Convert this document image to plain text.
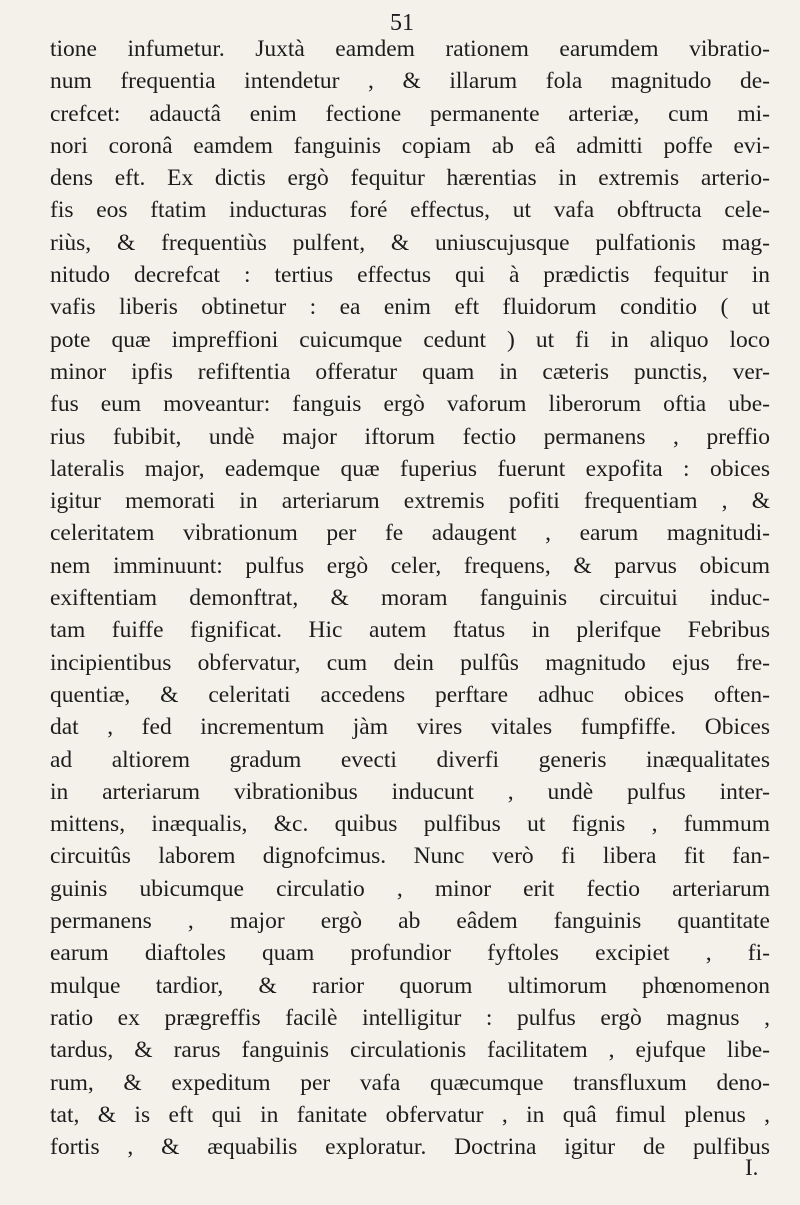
51
tione infumetur. Juxtà eamdem rationem earumdem vibratio-
num frequentia intendetur , & illarum fola magnitudo de-
crefcet: adauctâ enim fectione permanente arteriæ, cum mi-
nori coronâ eamdem fanguinis copiam ab eâ admitti poffe evi-
dens eft. Ex dictis ergò fequitur hærentias in extremis arterio-
fis eos ftatim inducturas foré effectus, ut vafa obftructa cele-
riùs, & frequentiùs pulfent, & uniuscujusque pulfationis mag-
nitudo decrefcat : tertius effectus qui à prædictis fequitur in
vafis liberis obtinetur : ea enim eft fluidorum conditio ( ut
pote quæ impreffioni cuicumque cedunt ) ut fi in aliquo loco
minor ipfis refiftentia offeratur quam in cæteris punctis, ver-
fus eum moveantur: fanguis ergò vaforum liberorum oftia ube-
rius fubibit, undè major iftorum fectio permanens , preffio
lateralis major, eademque quæ fuperius fuerunt expofita : obices
igitur memorati in arteriarum extremis pofiti frequentiam , &
celeritatem vibrationum per fe adaugent , earum magnitudi-
nem imminuunt: pulfus ergò celer, frequens, & parvus obicum
exiftentiam demonftrat, & moram fanguinis circuitui induc-
tam fuiffe fignificat. Hic autem ftatus in plerifque Febribus
incipientibus obfervatur, cum dein pulfûs magnitudo ejus fre-
quentiæ, & celeritati accedens perftare adhuc obices often-
dat , fed incrementum jàm vires vitales fumpfiffe. Obices
ad altiorem gradum evecti diverfi generis inæqualitates
in arteriarum vibrationibus inducunt , undè pulfus inter-
mittens, inæqualis, &c. quibus pulfibus ut fignis , fummum
circuitûs laborem dignofcimus. Nunc verò fi libera fit fan-
guinis ubicumque circulatio , minor erit fectio arteriarum
permanens , major ergò ab eâdem fanguinis quantitate
earum diaftoles quam profundior fyftoles excipiet , fi-
mulque tardior, & rarior quorum ultimorum phœnomenon
ratio ex prægreffis facilè intelligitur : pulfus ergò magnus ,
tardus, & rarus fanguinis circulationis facilitatem , ejufque libe-
rum, & expeditum per vafa quæcumque transfluxum deno-
tat, & is eft qui in fanitate obfervatur , in quâ fimul plenus ,
fortis , & æquabilis exploratur. Doctrina igitur de pulfibus
I.
